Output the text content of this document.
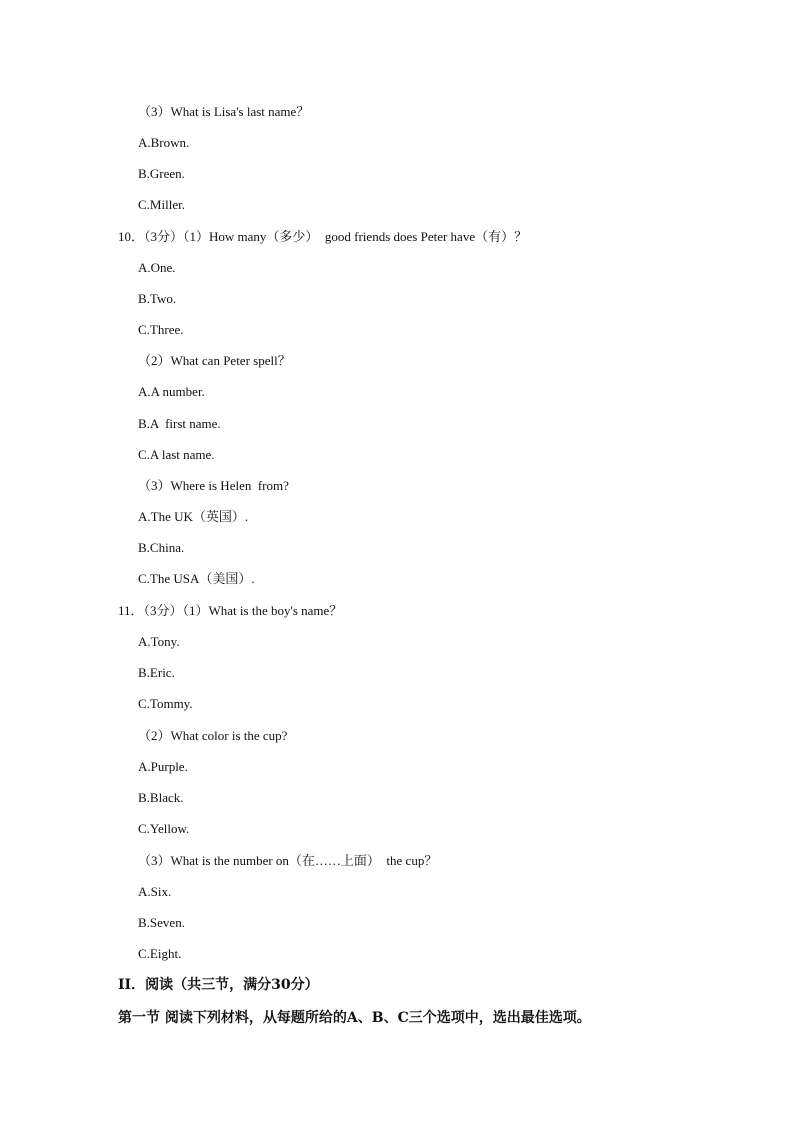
（3）What is Lisa's last name？
A.Brown.
B.Green.
C.Miller.
10．（3分）（1）How many（多少）  good friends does Peter have（有）？
A.One.
B.Two.
C.Three.
（2）What can Peter spell？
A.A number.
B.A  first name.
C.A last name.
（3）Where is Helen  from?
A.The UK（英国）.
B.China.
C.The USA（美国）.
11．（3分）（1）What is the boy's name？
A.Tony.
B.Eric.
C.Tommy.
（2）What color is the cup?
A.Purple.
B.Black.
C.Yellow.
（3）What is the number on（在……上面）  the cup？
A.Six.
B.Seven.
C.Eight.
II．阅读（共三节，满分30分）
第一节 阅读下列材料，从每题所给的A、B、C三个选项中，选出最佳选项。
